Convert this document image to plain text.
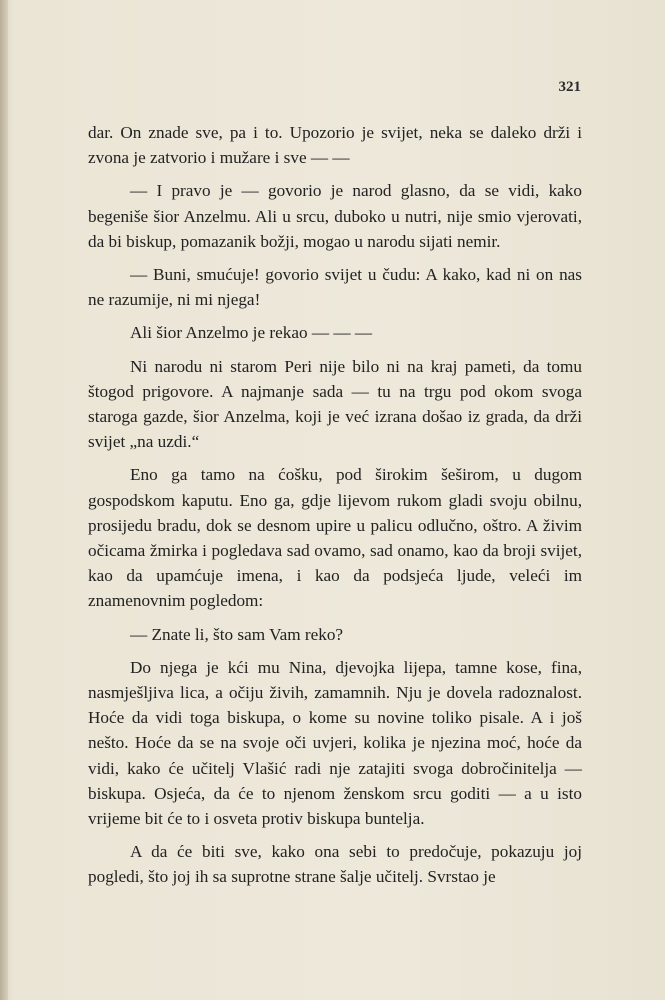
321

dar. On znade sve, pa i to. Upozorio je svijet, neka se daleko drži i zvona je zatvorio i mužare i sve — —

— I pravo je — govorio je narod glasno, da se vidi, kako begeniše šior Anzelmu. Ali u srcu, duboko u nutri, nije smio vjerovati, da bi biskup, pomazanik božji, mogao u narodu sijati nemir.

— Buni, smućuje! govorio svijet u čudu: A kako, kad ni on nas ne razumije, ni mi njega!

Ali šior Anzelmo je rekao — — —

Ni narodu ni starom Peri nije bilo ni na kraj pameti, da tomu štogod prigovore. A najmanje sada — tu na trgu pod okom svoga staroga gazde, šior Anzelma, koji je već izrana došao iz grada, da drži svijet „na uzdi.“

Eno ga tamo na ćošku, pod širokim šeširom, u dugom gospodskom kaputu. Eno ga, gdje lijevom rukom gladi svoju obilnu, prosijedu bradu, dok se desnom upire u palicu odlučno, oštro. A živim očicama žmirka i pogledava sad ovamo, sad onamo, kao da broji svijet, kao da upamćuje imena, i kao da podsjeća ljude, veleći im znamenovnim pogledom:

— Znate li, što sam Vam reko?

Do njega je kći mu Nina, djevojka lijepa, tamne kose, fina, nasmješljiva lica, a očiju živih, zamamnih. Nju je dovela radoznalost. Hoće da vidi toga biskupa, o kome su novine toliko pisale. A i još nešto. Hoće da se na svoje oči uvjeri, kolika je njezina moć, hoće da vidi, kako će učitelj Vlašić radi nje zatajiti svoga dobročinitelja — biskupa. Osjeća, da će to njenom ženskom srcu goditi — a u isto vrijeme bit će to i osveta protiv biskupa buntelja.

A da će biti sve, kako ona sebi to predočuje, pokazuju joj pogledi, što joj ih sa suprotne strane šalje učitelj. Svrstao je
